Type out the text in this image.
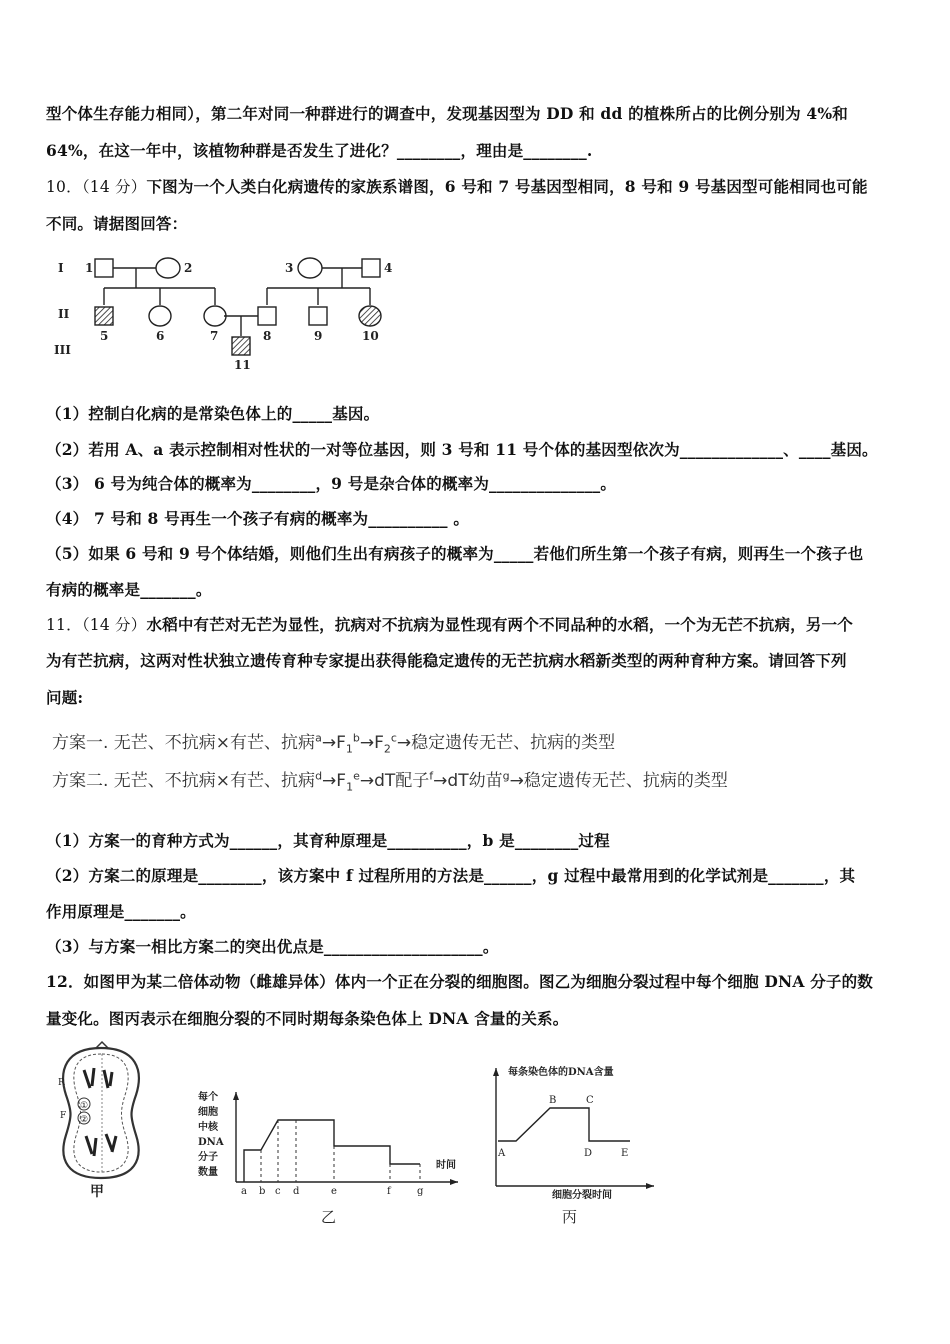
型个体生存能力相同），第二年对同一种群进行的调查中，发现基因型为 DD 和 dd 的植株所占的比例分别为 4%和
64%，在这一年中，该植物种群是否发生了进化？________，理由是________.
10．（14 分）下图为一个人类白化病遗传的家族系谱图，6 号和 7 号基因型相同，8 号和 9 号基因型可能相同也可能
不同。请据图回答：
I
II
III
1	2	3	4
5	6	7	8	9	10
11
（1）控制白化病的是常染色体上的_____基因。
（2）若用 A、a 表示控制相对性状的一对等位基因，则 3 号和 11 号个体的基因型依次为_____________、____基因。
（3） 6 号为纯合体的概率为________，9 号是杂合体的概率为______________。
（4） 7 号和 8 号再生一个孩子有病的概率为__________ 。
（5）如果 6 号和 9 号个体结婚，则他们生出有病孩子的概率为_____若他们所生第一个孩子有病，则再生一个孩子也
有病的概率是_______。
11．（14 分）水稻中有芒对无芒为显性，抗病对不抗病为显性现有两个不同品种的水稻，一个为无芒不抗病，另一个
为有芒抗病，这两对性状独立遗传育种专家提出获得能稳定遗传的无芒抗病水稻新类型的两种育种方案。请回答下列
问题:
方案一. 无芒、不抗病×有芒、抗病$^a\to F_1^b\to F_2^c\to$稳定遗传无芒、抗病的类型
方案二. 无芒、不抗病×有芒、抗病$^d\to F_1^e\to dT$配子$^f$→dT幼苗$^g$→稳定遗传无芒、抗病的类型
（1）方案一的育种方式为______，其育种原理是__________，b 是________过程
（2）方案二的原理是________，该方案中 f 过程所用的方法是______，g 过程中最常用到的化学试剂是_______，其
作用原理是_______。
（3）与方案一相比方案二的突出优点是____________________。
12．如图甲为某二倍体动物（雌雄异体）体内一个正在分裂的细胞图。图乙为细胞分裂过程中每个细胞 DNA 分子的数
量变化。图丙表示在细胞分裂的不同时期每条染色体上 DNA 含量的关系。
R
①
②
F
甲
每个
细胞
中核
DNA
分子
数量
时间
a b c d	e	f	g
乙
每条染色体的DNA含量
A
B	C
D	E
细胞分裂时间
丙
